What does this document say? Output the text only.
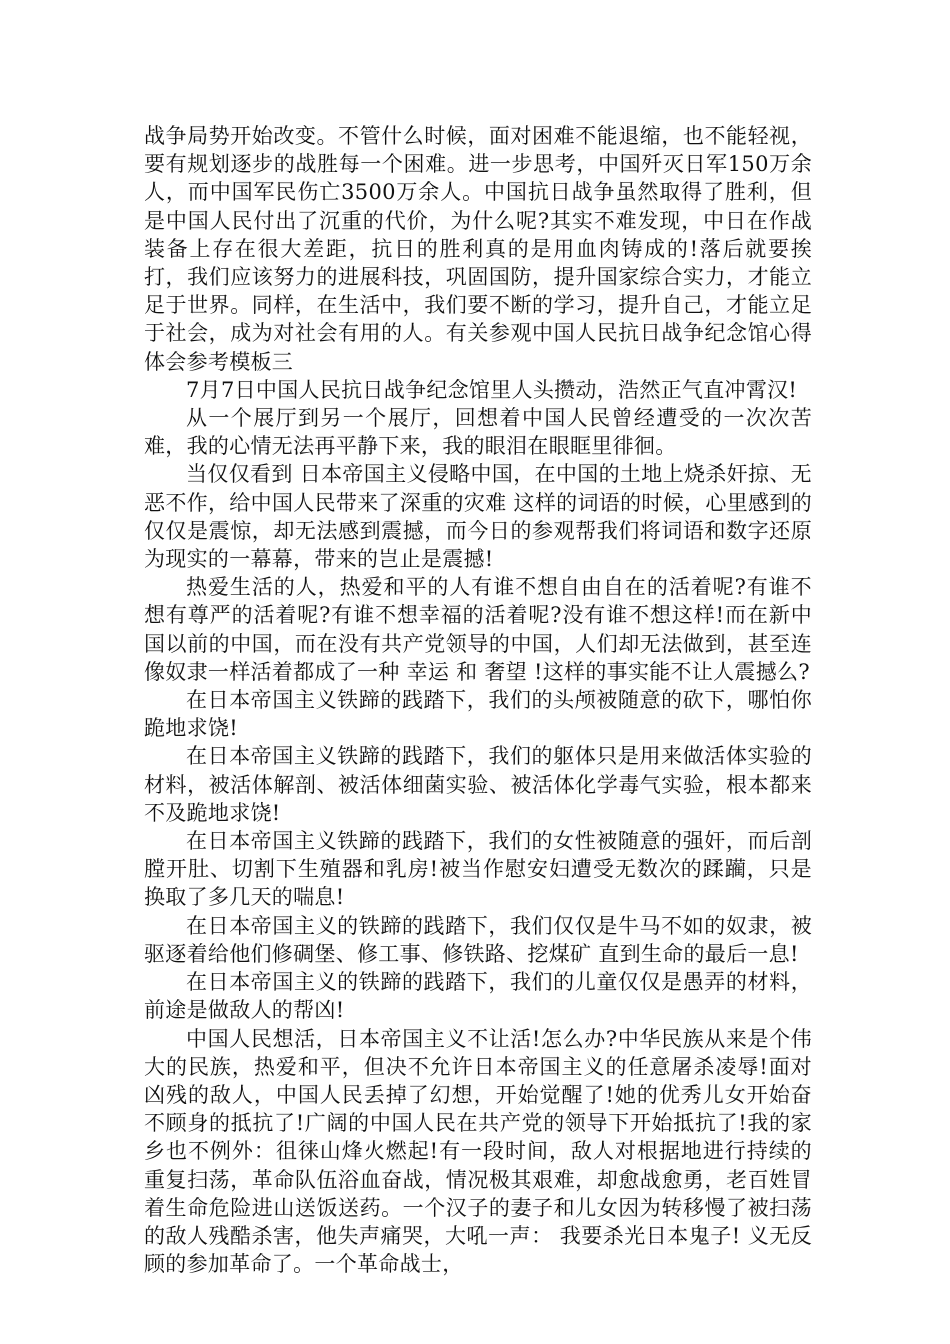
战争局势开始改变。不管什么时候，面对困难不能退缩，也不能轻视，要有规划逐步的战胜每一个困难。进一步思考，中国歼灭日军150万余人，而中国军民伤亡3500万余人。中国抗日战争虽然取得了胜利，但是中国人民付出了沉重的代价，为什么呢?其实不难发现，中日在作战装备上存在很大差距，抗日的胜利真的是用血肉铸成的!落后就要挨打，我们应该努力的进展科技，巩固国防，提升国家综合实力，才能立足于世界。同样，在生活中，我们要不断的学习，提升自己，才能立足于社会，成为对社会有用的人。有关参观中国人民抗日战争纪念馆心得体会参考模板三

7月7日中国人民抗日战争纪念馆里人头攒动，浩然正气直冲霄汉!

从一个展厅到另一个展厅，回想着中国人民曾经遭受的一次次苦难，我的心情无法再平静下来，我的眼泪在眼眶里徘徊。

当仅仅看到 日本帝国主义侵略中国，在中国的土地上烧杀奸掠、无恶不作，给中国人民带来了深重的灾难 这样的词语的时候，心里感到的仅仅是震惊，却无法感到震撼，而今日的参观帮我们将词语和数字还原为现实的一幕幕，带来的岂止是震撼!

热爱生活的人，热爱和平的人有谁不想自由自在的活着呢?有谁不想有尊严的活着呢?有谁不想幸福的活着呢?没有谁不想这样!而在新中国以前的中国，而在没有共产党领导的中国，人们却无法做到，甚至连像奴隶一样活着都成了一种 幸运 和 奢望 !这样的事实能不让人震撼么?

在日本帝国主义铁蹄的践踏下，我们的头颅被随意的砍下，哪怕你跪地求饶!

在日本帝国主义铁蹄的践踏下，我们的躯体只是用来做活体实验的材料，被活体解剖、被活体细菌实验、被活体化学毒气实验，根本都来不及跪地求饶!

在日本帝国主义铁蹄的践踏下，我们的女性被随意的强奸，而后剖膛开肚、切割下生殖器和乳房!被当作慰安妇遭受无数次的蹂躏，只是换取了多几天的喘息!

在日本帝国主义的铁蹄的践踏下，我们仅仅是牛马不如的奴隶，被驱逐着给他们修碉堡、修工事、修铁路、挖煤矿 直到生命的最后一息!

在日本帝国主义的铁蹄的践踏下，我们的儿童仅仅是愚弄的材料，前途是做敌人的帮凶!

中国人民想活，日本帝国主义不让活!怎么办?中华民族从来是个伟大的民族，热爱和平，但决不允许日本帝国主义的任意屠杀凌辱!面对凶残的敌人，中国人民丢掉了幻想，开始觉醒了!她的优秀儿女开始奋不顾身的抵抗了!广阔的中国人民在共产党的领导下开始抵抗了!我的家乡也不例外：徂徕山烽火燃起!有一段时间，敌人对根据地进行持续的重复扫荡，革命队伍浴血奋战，情况极其艰难，却愈战愈勇，老百姓冒着生命危险进山送饭送药。一个汉子的妻子和儿女因为转移慢了被扫荡的敌人残酷杀害，他失声痛哭，大吼一声： 我要杀光日本鬼子! 义无反顾的参加革命了。一个革命战士，
